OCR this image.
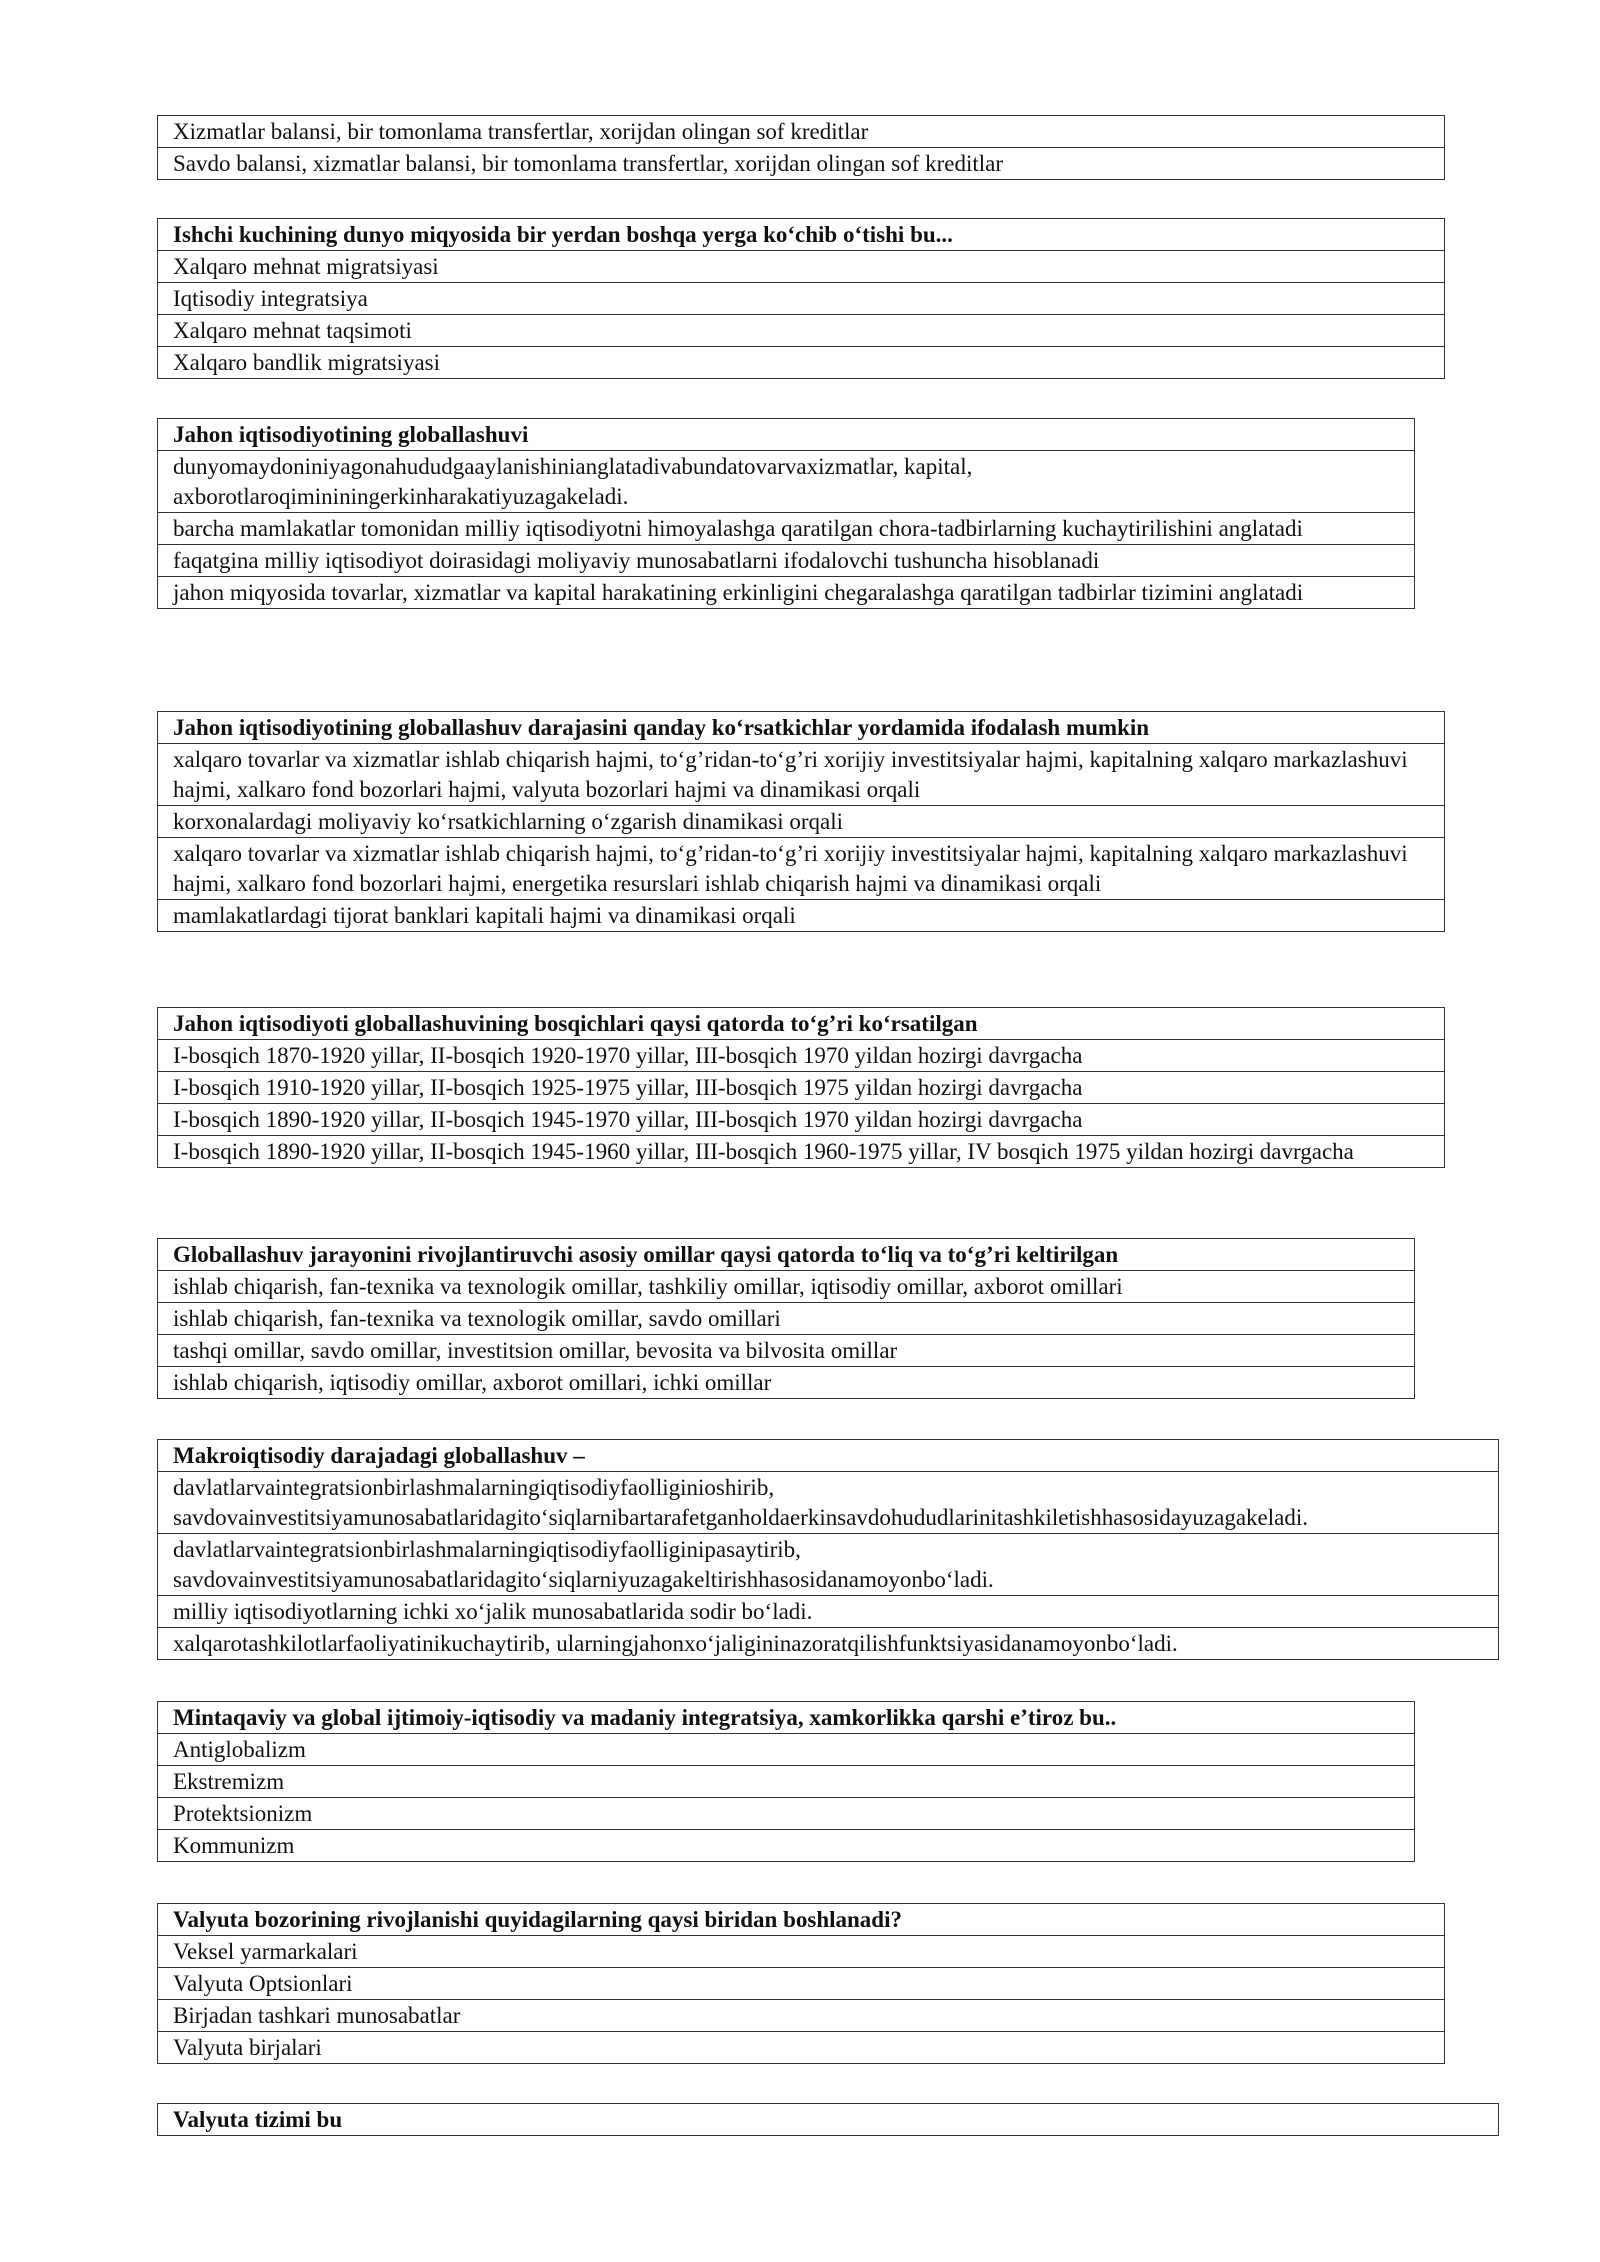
Xizmatlar balansi, bir tomonlama transfertlar, xorijdan olingan sof kreditlar
Savdo balansi, xizmatlar balansi, bir tomonlama transfertlar, xorijdan olingan sof kreditlar
Ishchi kuchining dunyo miqyosida bir yerdan boshqa yerga ko‘chib o‘tishi bu...
Xalqaro mehnat migratsiyasi
Iqtisodiy integratsiya
Xalqaro mehnat taqsimoti
Xalqaro bandlik migratsiyasi
Jahon iqtisodiyotining globallashuvi
dunyomaydoniniyagonahududgaaylanishinianglatadivabundatovarvaxizmatlar, kapital, axborotlaroqimininingerkinharakatiyuzagakeladi.
barcha mamlakatlar tomonidan milliy iqtisodiyotni himoyalashga qaratilgan chora-tadbirlarning kuchaytirilishini anglatadi
faqatgina milliy iqtisodiyot doirasidagi moliyaviy munosabatlarni ifodalovchi tushuncha hisoblanadi
jahon miqyosida tovarlar, xizmatlar va kapital harakatining erkinligini chegaralashga qaratilgan tadbirlar tizimini anglatadi
Jahon iqtisodiyotining globallashuv darajasini qanday ko‘rsatkichlar yordamida ifodalash mumkin
xalqaro tovarlar va xizmatlar ishlab chiqarish hajmi, to‘g’ridan-to‘g’ri xorijiy investitsiyalar hajmi, kapitalning xalqaro markazlashuvi hajmi, xalkaro fond bozorlari hajmi, valyuta bozorlari hajmi va dinamikasi orqali
korxonalardagi moliyaviy ko‘rsatkichlarning o‘zgarish dinamikasi orqali
xalqaro tovarlar va xizmatlar ishlab chiqarish hajmi, to‘g’ridan-to‘g’ri xorijiy investitsiyalar hajmi, kapitalning xalqaro markazlashuvi hajmi, xalkaro fond bozorlari hajmi, energetika resurslari ishlab chiqarish hajmi va dinamikasi orqali
mamlakatlardagi tijorat banklari kapitali hajmi va dinamikasi orqali
Jahon iqtisodiyoti globallashuvining bosqichlari qaysi qatorda to‘g’ri ko‘rsatilgan
I-bosqich 1870-1920 yillar, II-bosqich 1920-1970 yillar, III-bosqich 1970 yildan hozirgi davrgacha
I-bosqich 1910-1920 yillar, II-bosqich 1925-1975 yillar, III-bosqich 1975 yildan hozirgi davrgacha
I-bosqich 1890-1920 yillar, II-bosqich 1945-1970 yillar, III-bosqich 1970 yildan hozirgi davrgacha
I-bosqich 1890-1920 yillar, II-bosqich 1945-1960 yillar, III-bosqich 1960-1975 yillar, IV bosqich 1975 yildan hozirgi davrgacha
Globallashuv jarayonini rivojlantiruvchi asosiy omillar qaysi qatorda to‘liq va to‘g’ri keltirilgan
ishlab chiqarish, fan-texnika va texnologik omillar, tashkiliy omillar, iqtisodiy omillar, axborot omillari
ishlab chiqarish, fan-texnika va texnologik omillar, savdo omillari
tashqi omillar, savdo omillar, investitsion omillar, bevosita va bilvosita omillar
ishlab chiqarish, iqtisodiy omillar, axborot omillari, ichki omillar
Makroiqtisodiy darajadagi globallashuv –
davlatlarvaintegratsionbirlashmalarningiqtisodiyfaolliginioshirib, savdovainvestitsiyamunosabatlaridagito‘siqlarnibartarafetganholdaerkinsavdohududlarinitashkiletishhasosidayuzagakeladi.
davlatlarvaintegratsionbirlashmalarningiqtisodiyfaolliginipasaytirib, savdovainvestitsiyamunosabatlaridagito‘siqlarniyuzagakeltirishhasosidanamoyonbo‘ladi.
milliy iqtisodiyotlarning ichki xo‘jalik munosabatlarida sodir bo‘ladi.
xalqarotashkilotlarfaoliyatinikuchaytirib, ularningjahonxo‘jaligininazoratqilishfunktsiyasidanamoyonbo‘ladi.
Mintaqaviy va global ijtimoiy-iqtisodiy va madaniy integratsiya, xamkorlikka qarshi e’tiroz bu..
Antiglobalizm
Ekstremizm
Protektsionizm
Kommunizm
Valyuta bozorining rivojlanishi quyidagilarning qaysi biridan boshlanadi?
Veksel yarmarkalari
Valyuta Optsionlari
Birjadan tashkari munosabatlar
Valyuta birjalari
Valyuta tizimi bu
